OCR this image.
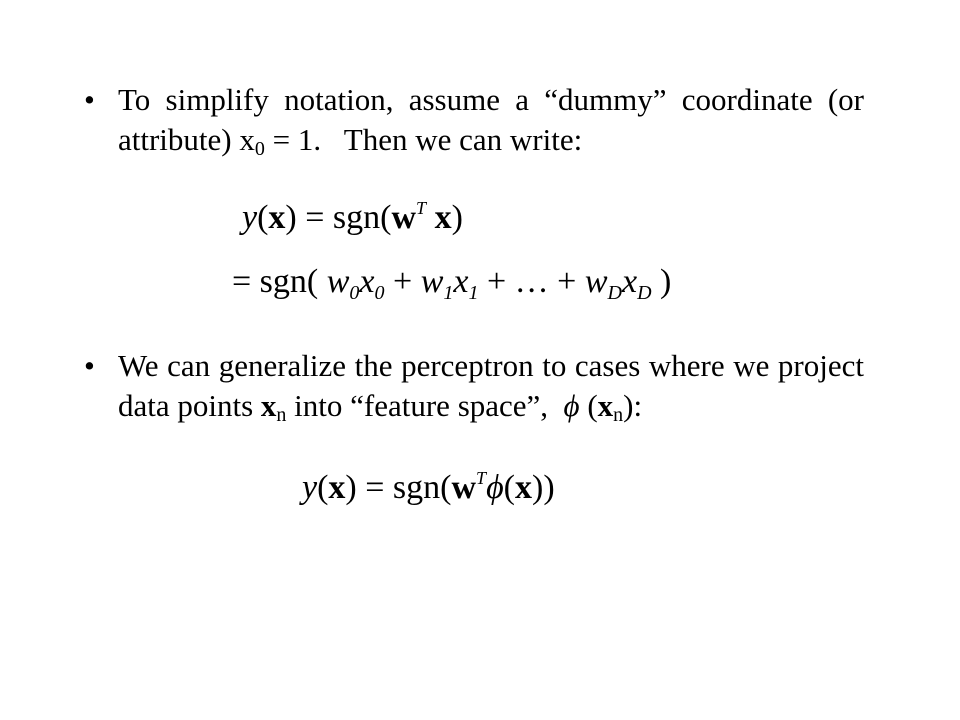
• To simplify notation, assume a “dummy” coordinate (or attribute) $x_0 = 1$.   Then we can write:
$y(x) = sgn(w^T$ x)
= sgn( $w_0x_0 + w_1x_1$ + … + $w_Dx_D$ )
• We can generalize the perceptron to cases where we project data points $x_n$ into “feature space”,  ϕ $(x_n)$:
$y(x) = sgn(w^T\phi(x))$
